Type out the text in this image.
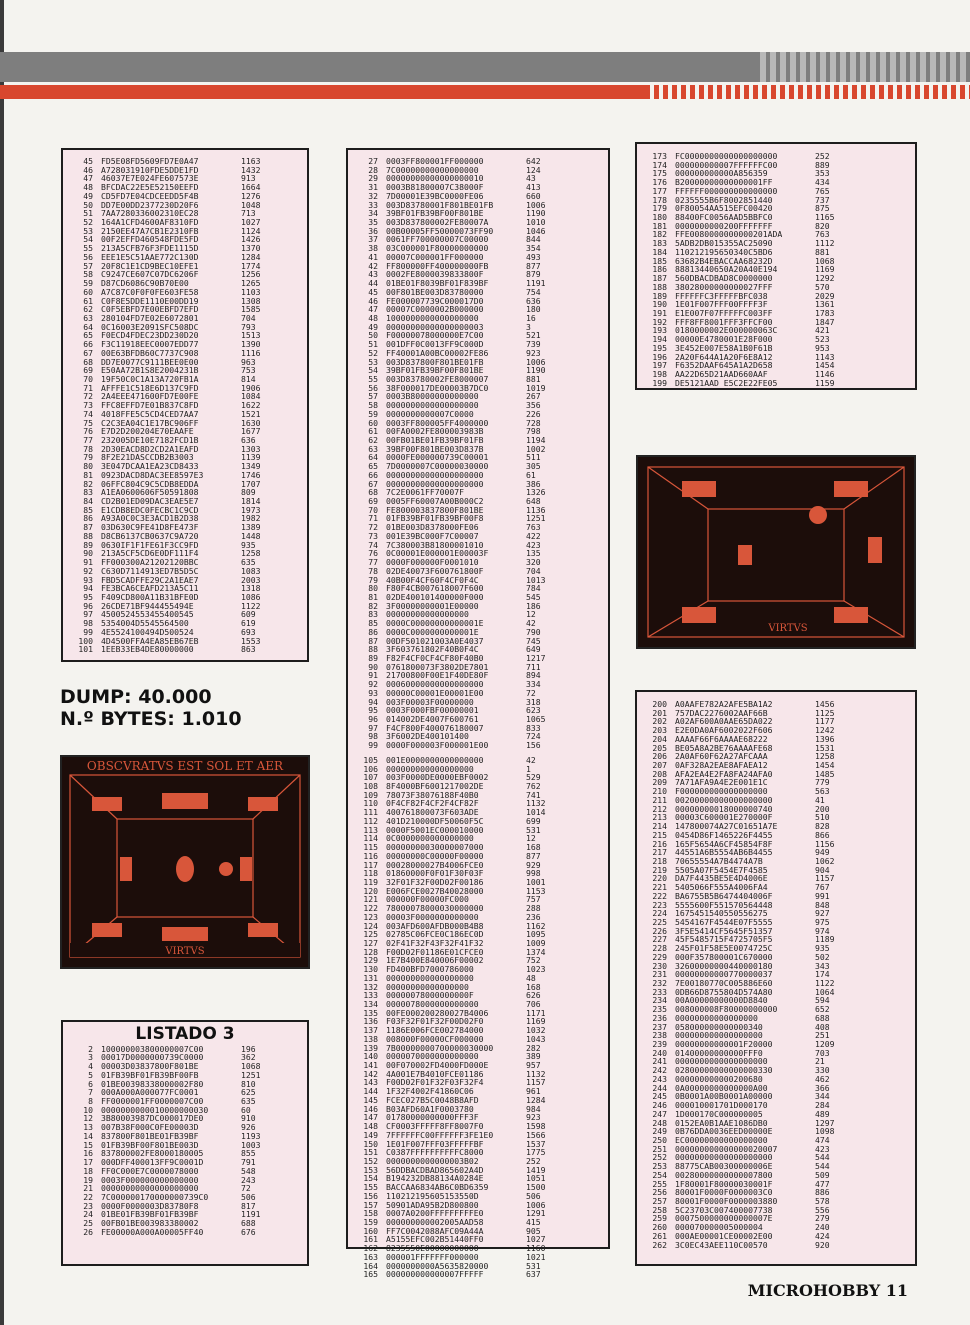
45 FD5E08FD5609FD7E0A47	1163
46 A728031910FDE5DDE1FD	1432
47 46037E7E024FE607573E	913
48 BFCDAC22E5E52150EEFD	1664
49 CD5FD7E04CDCEEDD5F4B	1276
50 DD7E00DD2377230D20F6	1048
51 7AA7280336002310EC28	713
52 164A1CFD4600AF8310FD	1027
53 2150EE47A7CB1E2310FB	1124
54 00F2EFFD460548FDE5FD	1426
55 213A5CFB76F3FDE1115D	1370
56 EEE1E5C51AAE772C130D	1284
57 20F8C1E1CD9BEC10EFE1	1774
58 C9247CE607C07DC6206F	1256
59 D87CD6086C90B70E00	1265
60 A7C87C0F0F0FE603FE58	1103
61 C0F8E5DDE1110E00DD19	1308
62 C0F5EBFD7E00EBFD7EFD	1585
63 280104FD7E02E6072801	704
64 0C16003E2091SFC508DC	793
65 F0ECD4FDEC23DD230D20	1513
66 F3C11918EEC0007EDD77	1390
67 00E63BFDB60C7737C908	1116
68 DD7E0077C9111BEE0E00	963
69 E50AA72B1S8E2004231B	753
70 19F50C0C1A13A720FB1A	814
71 AFFFE1C518E6D137C9FD	1906
72 2A4EEE471600FD7E00FE	1084
73 FFC8EFFD7E01B837C8FD	1622
74 4018FFE5C5CD4CED7AA7	1521
75 C2C3EA04C1E17BC906FF	1630
76 E7D2D200204E70EAAFE	1677
77 232005DE10E7182FCD1B	636
78 2D30EACD8D2CD2A1EAFD	1303
79 8F2E21DASCCDB2B3003	1139
80 3E047DCAA1EA23CD8433	1349
81 0923DACD8DAC3EE8597E3	1746
82 06FFC804C9C5CDB8EDDA	1707
83 A1EA0600606F50591808	809
84 CD2B01ED09DAC3EAE5E7	1814
85 E1CDB8EDC0FECBC1C9CD	1973
86 A93A0C0C3E3ACD1B2D38	1982
87 03D630C9FE41D8FE473F	1389
88 D8CB6137CB0637C9A720	1448
89 0630IF1F1FE61F3CC9FD	935
90 213A5CF5CD6E0DF111F4	1258
91 FF000300A21202120BBC	635
92 C630D7114913ED7B5D5C	1083
93 FBD5CADFFE29C2A1EAE7	2003
94 FE3BCA6CEAFD213A5C11	1318
95 F409CD800A11B31BFE0D	1086
96 26CDE71BF944455494E	1122
97 4500524553455400545	609
98 5354004D5545564500	619
99 4E5524100494D500524	693
100 4D4500FFA4EA85EB67EB	1553
101 1EEB33EB4DE80000000	863
DUMP: 40.000
N.º BYTES: 1.010
OBSCVRATVS EST SOL ET AER
VIRTVS
LISTADO 3
2 100000003800000007C00	196
3 00017D0000000739C0000	362
4 00003D03837800F801BE	1068
5 01FB39BF01FB39BF00FB	1251
6 01BE00398338000002F80	810
7 000A000A000077FC0001	625
8 FF0000001FF0000007C00	635
10 0000000000010000000030	60
12 3B80003987DC000017DE0	910
13 007B38F000C0FE00003D	926
14 837800F801BE01FB39BF	1193
15 01FB39BF00F801BE003D	1003
16 837800002FE8000180005	855
17 000DFF400013FF9C0001D	791
18 FF0C000E7C0000078000	548
19 0003F000000000000000	243
21 00000000000000000000	72
22 7C000000170000000739C0	506
23 0000F0000003D83780F8	817
24 01BE01FB39BF01FB39BF	1191
25 00FB01BE003983380002	688
26 FE00000A000A00005FF40	676
27 0003FF800001FF000000	642
28 7C00000000000000000	124
29 00000000000000000010	43
31 0003B81800007C38000F	413
32 7D00001E39BC0000FE06	660
33 003D83780001F801BE01FB	1006
34 39BF01FB39BF00F801BE	1190
35 003D837800002FE80007A	1010
36 00B00005FF50000073FF90	1046
37 0061FF700000007C00000	844
38 03C000001F80000000000	354
41 00007C000001FF000000	493
42 FF800000FF400000000FB	877
43 0002FE8000039833800F	879
44 01BE01F8039BF01F839BF	1191
45 00F801BE003D83780000	754
46 FE000007739C000017D0	636
47 00007C0000002B000000	180
48 1000000000000000000	16
49 00000000000000000003	3
50 F00000078000000E7C00	521
51 001DFF0C0013FF9C000D	739
52 FF40001A00BC00002FE86	923
53 003D837800F801BE01FB	1006
54 39BF01FB39BF00F801BE	1190
55 003D83780002FE8000007	881
56 38F000017DE00003B7DC0	1019
57 0003B80000000000000	267
58 0000000000000000000	356
59 0000000000007C0000	226
60 0003FF800005FF4000000	728
61 00FA0002FE800003983B	798
62 00FB01BE01FB39BF01FB	1194
63 39BF00F801BE003D837B	1002
64 0000FE000000739C00001	511
65 7D0000007C00000030000	305
66 00000000000000000000	61
67 00000000000000000000	386
68 7C2E0061FF70007F	1326
69 0005FF60007A00B000C2	648
70 FE800003837800F801BE	1136
71 01FB39BF01FB39BF00F8	1251
72 01BE003D8378000FE06	763
73 001E39BC000F7C00007	422
74 7C380003B81800001010	423
76 0C00001E000001E00003F	135
77 0000F000000F0001010	320
78 02DE40073F600761800F	704
79 40B00F4CF60F4CF0F4C	1013
80 F80F4CB007618007F600	784
81 02DE400101400000F000	545
82 3F00000000001E00000	186
83 00000000000000000	12
85 0000C00000000000001E	42
86 0000C0000000000001E	790
87 00DF501021003A0E4037	745
88 3F603761802F40B0F4C	649
89 F82F4CF0CF4CF80F40B0	1217
90 0761800073F3802DE7801	711
91 21700800F00E1F40DE80F	894
92 00060000000000000000	334
93 00000C00001E00001E00	72
94 003F00003F00000000	318
95 0003F000FBF00000001	623
96 014002DE4007F600761	1065
97 F4CF800F400076180007	833
98 3F6002DE400101400	724
99 0000F000003F000001E00	156
105 001E0000000000000000	42
106 000000000000000000	1
107 003F0000DE0000EBF0002	529
108 8F4000BF6001217002DE	762
109 78073F38076188F40B0	741
110 0F4CF82F4CF2F4CF82F	1132
111 400761800073F603ADE	1014
112 401D210000DF50060F5C	699
113 0000F5001EC000010000	531
114 0C0000000000000000	12
115 00000000030000007000	168
116 00000000C00000F00000	877
117 00028000027B4006FCE0	929
118 01860000F0F01F30F03F	998
119 32F01F32F00D02F00186	1001
120 E006FCE0027B40028000	1153
121 000000F00000FC000	757
122 78000078000030000000	288
123 00003F0000000000000	236
124 003AFD600AFDB000B4B8	1162
125 02785C06FCE0C186EC0D	1095
127 02F41F32F43F32F41F32	1009
128 F00D02F01186E01CFCE0	1374
129 1E7B400E840006F00002	752
130 FD400BFD7000786000	1023
131 000000000000000000	48
132 00000000000000000	168
133 00000078000000000F	626
134 0000078000000000000	706
135 00FE000200280027B4006	1171
136 F03F32F01F32F00D02F0	1169
137 1186E006FCE002784000	1032
138 008000F00000CF000000	1043
139 7B00000000700000030000	282
140 0000070000000000000	389
141 00F070002FD4000FD000E	957
142 4A001E7B4010FCE01186	1132
143 F00D02F01F32F03F32F4	1157
144 1F32F4002F41860C06	961
145 FCEC027B5C0048B8AFD	1284
146 B03AFD60A1F0003780	984
147 01780000000000FFF3F	923
148 CF0003FFFFF8FF8007F0	1598
149 7FFFFFFC00FFFFFF3FE1E0	1566
150 1E01F007FFF03FFFFFBF	1537
151 C0387FFFFFFFFFFC8000	1775
152 0000000000000003B02	252
153 56DDBACDBAD865602A4D	1419
154 B194232DB88134A0284E	1051
155 BACCAA6834AB6C0BD6359	1500
156 110212195605153550D	506
157 50901ADA95B2D800800	1006
158 0007A0200FFFFFFFFFE0	1291
159 000000000002005AAD58	415
160 FF7C0042088AFC09A44A	905
161 A5155EFC002B51440FF0	1027
162 8235550E00000000000	1160
163 000001FFFFFFF000000	1021
164 0000000000A5635820000	531
165 000000000000007FFFFF	637
173 FC0000000000000000000	252
174 000000000007FFFFFFC00	889
175 000000000000A856359	353
176 B20000000000000001FF	434
177 FFFFFF000000000000000	765
178 0235555B6F8002851440	737
179 0F80054AA515EFC00420	875
180 88400FC0056AAD5BBFC0	1165
181 0000000000200FFFFFFF	820
182 FFE0080000000000201ADA	763
183 5ADB2DB015355AC25090	1112
184 110212195650340C5BD6	881
185 63682B4EBACCAA68232D	1068
186 88813440650A20A40E194	1169
187 560DBACDBAD8C0000000	1292
188 38028000000000027FFF	570
189 FFFFFFC3FFFFFBFC038	2029
190 1E01F007FFF00FFFF3F	1361
191 E1E007F07FFFFFC003FF	1783
192 FFF8FF8001FFF3FFCF00	1847
193 0180000002E000000063C	421
194 00000E4780001E28F000	523
195 3E452E007E58A1B0F61B	953
196 2A20F644A1A20F6E8A12	1143
197 F6352DAAF645A1A2D658	1454
198 AA22D65D21AAD660AAF	1146
199 DE5121AAD E5C2E22FE05	1159
VIRTVS
200 A0AAFE782A2AFE5BA1A2	1456
201 757DAC2276002AAF66B	1125
202 A02AF600A0AAE65DA022	1177
203 E2E0DA0AF6002022F606	1242
204 AAAAF66F6AAAAE68222	1396
205 BE05A8A2BE76AAAAFE68	1531
206 2A0AF60F62A27AFCAAA	1258
207 0AF328A2EAE8AFAEA12	1454
208 AFA2EA4E2FA8FA24AFA0	1485
209 7A71AFA9A4E2E001E1C	779
210 F000000000000000000	563
211 00200000000000000000	41
212 00000000018000000740	200
213 00003C600001E270000F	510
214 147800074A27C01651A7E	828
215 0454D86F1465226F4455	866
216 165F5654A6CF45854F8F	1156
217 44551A6B5554AB6B4455	949
218 70655554A7B4474A7B	1062
219 5505A07F5454E7F4585	904
220 DA7F4435BE5E4D4006E	1157
221 5405066F555A4006FA4	767
222 BA6755B5B6474404006F	991
223 5555600F551570564448	848
224 1675451540550556275	927
225 5454167F4544E07F5555	975
226 3F5E5414CF5645F51357	974
227 45F5485715F4725705F5	1189
228 245F01F58E5E0074725C	935
229 000F357800001C670000	502
230 32600000000440000180	343
231 00000000000770000037	174
232 7E00180770C005886E60	1122
233 0DB66D8755804D574A80	1064
234 00A00000000000D8840	594
235 008000008F80000000000	652
236 00000000000000000	688
237 058000000000000340	408
238 000000000000000000	251
239 00000000000001F20000	1209
240 01400000000000FFF0	703
241 0000000000000000000	21
242 02800000000000000330	330
243 000000000000200680	462
244 0A00000000000000A00	366
245 0B0001A00B0001A00000	344
246 000010001701D000170	284
247 1D000170C000000005	489
248 0152EA0B1AAE1086DB0	1297
249 0B76DDA0036EED00000E	1098
250 EC00000000000000000	474
251 000000000000000020007	423
252 00000000000000000000	544
253 88775CAB00300000006E	544
254 00280000000000007800	509
255 1F80001F80000030001F	477
256 80001F0000F0000003C0	886
257 80001F0000F0000003880	578
258 5C23703C007400007738	556
259 0007500000000000007E	279
260 000070000005000004	240
261 000AE00001CE00002E00	424
262 3C0EC43AEE110C00570	920
MICROHOBBY 11
